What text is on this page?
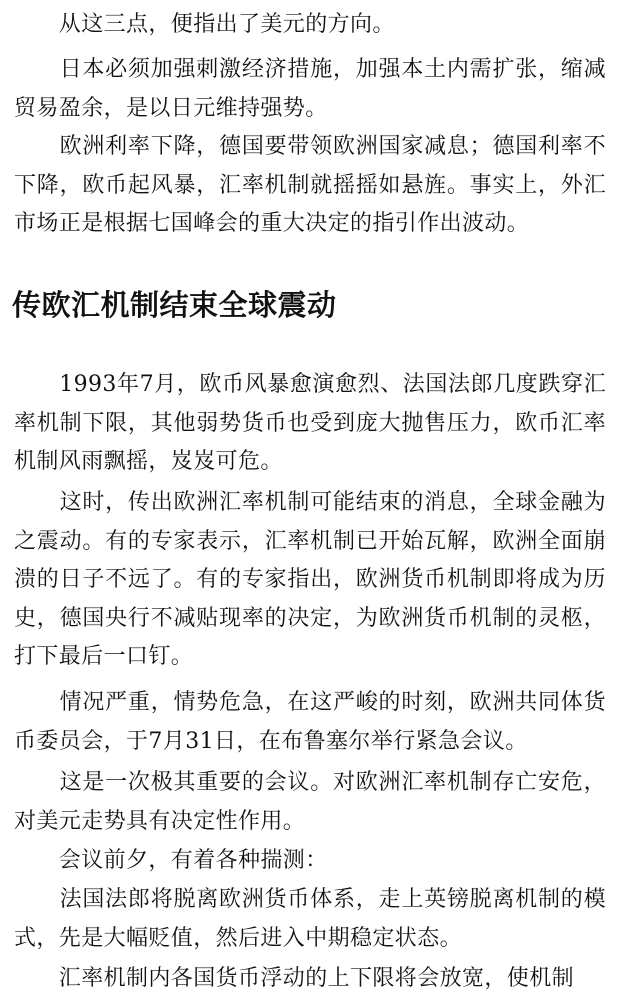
　　从这三点，便指出了美元的方向。

　　日本必须加强刺激经济措施，加强本土内需扩张，缩减贸易盈余，是以日元维持强势。

　　欧洲利率下降，德国要带领欧洲国家减息；德国利率不下降，欧币起风暴，汇率机制就摇摇如悬旌。事实上，外汇市场正是根据七国峰会的重大决定的指引作出波动。

传欧汇机制结束全球震动

　　1993年7月，欧币风暴愈演愈烈、法国法郎几度跌穿汇率机制下限，其他弱势货币也受到庞大抛售压力，欧币汇率机制风雨飘摇，岌岌可危。

　　这时，传出欧洲汇率机制可能结束的消息，全球金融为之震动。有的专家表示，汇率机制已开始瓦解，欧洲全面崩溃的日子不远了。有的专家指出，欧洲货币机制即将成为历史，德国央行不减贴现率的决定，为欧洲货币机制的灵柩，打下最后一口钉。

　　情况严重，情势危急，在这严峻的时刻，欧洲共同体货币委员会，于7月31日，在布鲁塞尔举行紧急会议。

　　这是一次极其重要的会议。对欧洲汇率机制存亡安危，对美元走势具有决定性作用。

　　会议前夕，有着各种揣测：

　　法国法郎将脱离欧洲货币体系，走上英镑脱离机制的模式，先是大幅贬值，然后进入中期稳定状态。

　　汇率机制内各国货币浮动的上下限将会放宽，使机制
